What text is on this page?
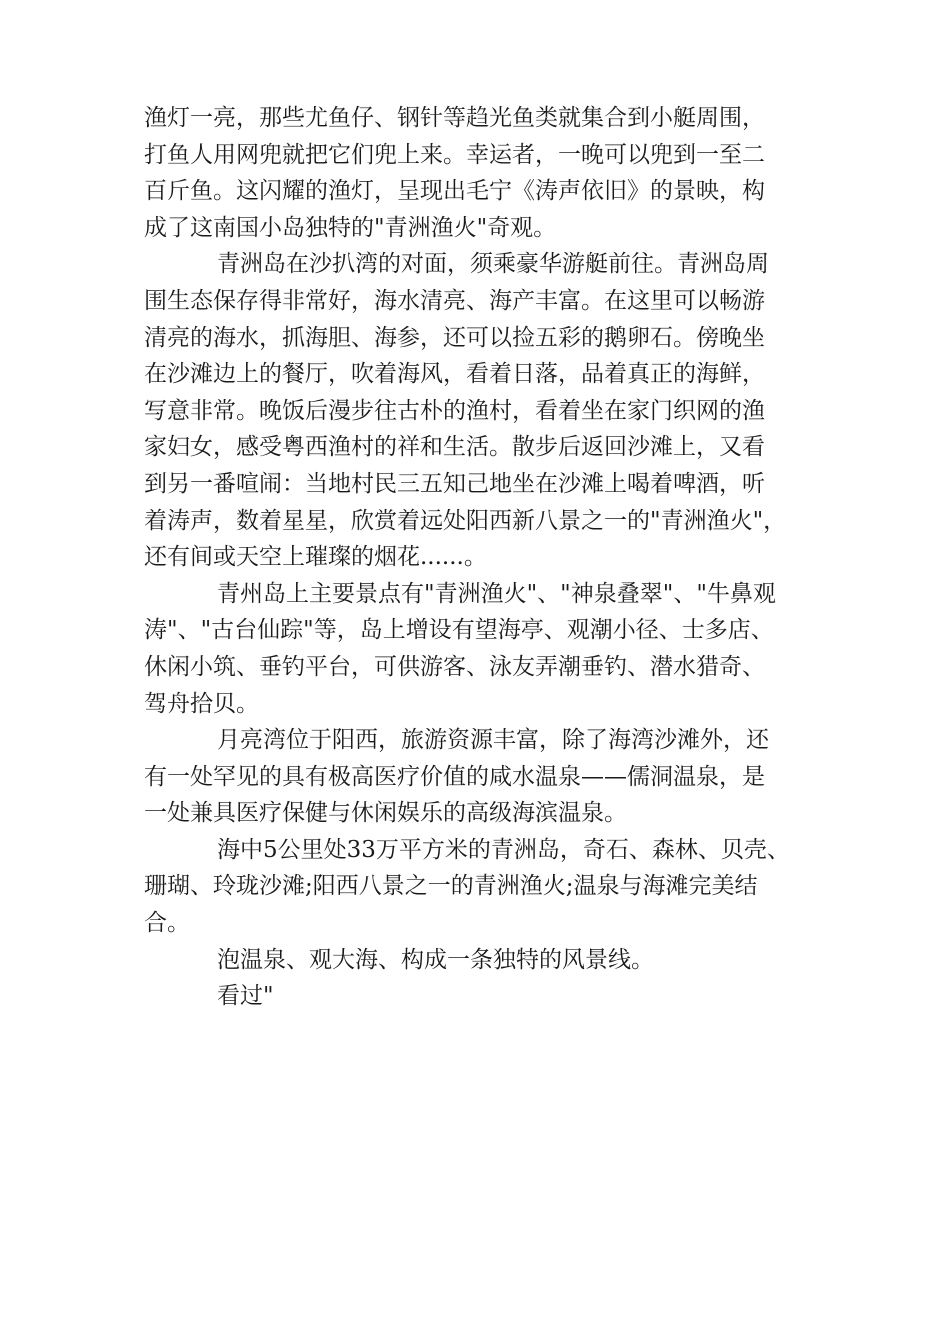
渔灯一亮，那些尤鱼仔、钢针等趋光鱼类就集合到小艇周围，
打鱼人用网兜就把它们兜上来。幸运者，一晚可以兜到一至二
百斤鱼。这闪耀的渔灯，呈现出毛宁《涛声依旧》的景映，构
成了这南国小岛独特的"青洲渔火"奇观。
青洲岛在沙扒湾的对面，须乘豪华游艇前往。青洲岛周
围生态保存得非常好，海水清亮、海产丰富。在这里可以畅游
清亮的海水，抓海胆、海参，还可以捡五彩的鹅卵石。傍晚坐
在沙滩边上的餐厅，吹着海风，看着日落，品着真正的海鲜，
写意非常。晚饭后漫步往古朴的渔村，看着坐在家门织网的渔
家妇女，感受粤西渔村的祥和生活。散步后返回沙滩上，又看
到另一番喧闹：当地村民三五知己地坐在沙滩上喝着啤酒，听
着涛声，数着星星，欣赏着远处阳西新八景之一的"青洲渔火"，
还有间或天空上璀璨的烟花......。
青州岛上主要景点有"青洲渔火"、"神泉叠翠"、"牛鼻观
涛"、"古台仙踪"等，岛上增设有望海亭、观潮小径、士多店、
休闲小筑、垂钓平台，可供游客、泳友弄潮垂钓、潜水猎奇、
驾舟拾贝。
月亮湾位于阳西，旅游资源丰富，除了海湾沙滩外，还
有一处罕见的具有极高医疗价值的咸水温泉——儒洞温泉，是
一处兼具医疗保健与休闲娱乐的高级海滨温泉。
海中5公里处33万平方米的青洲岛，奇石、森林、贝壳、
珊瑚、玲珑沙滩;阳西八景之一的青洲渔火;温泉与海滩完美结
合。
泡温泉、观大海、构成一条独特的风景线。
看过"
